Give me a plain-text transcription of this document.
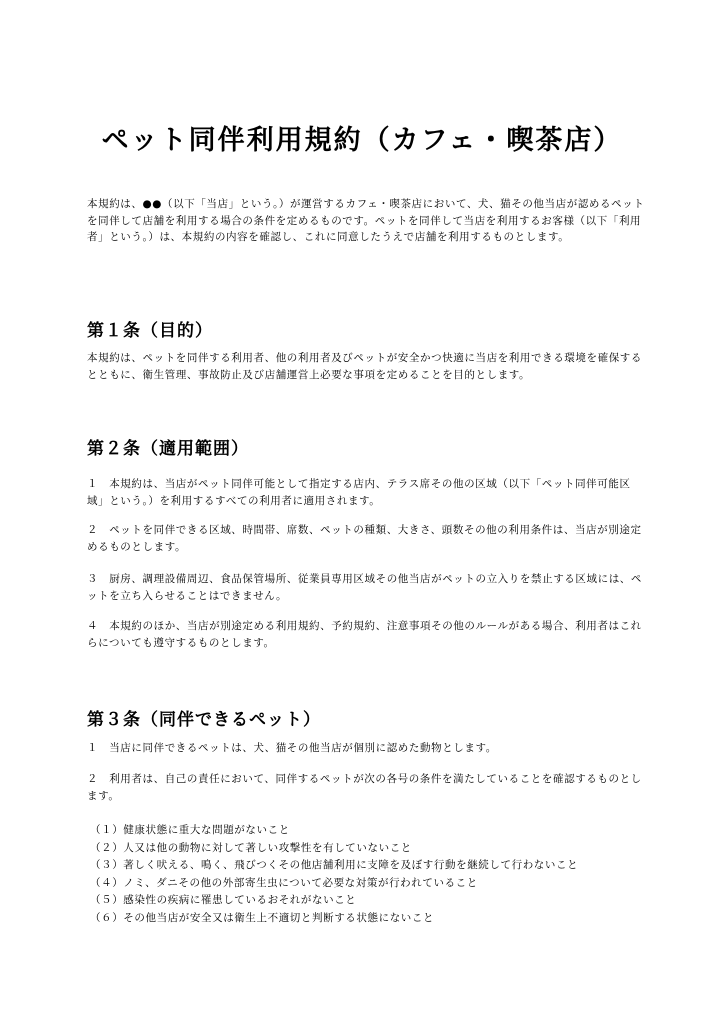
ペット同伴利用規約（カフェ・喫茶店）

本規約は、●●（以下「当店」という。）が運営するカフェ・喫茶店において、犬、猫その他当店が認めるペットを同伴して店舗を利用する場合の条件を定めるものです。ペットを同伴して当店を利用するお客様（以下「利用者」という。）は、本規約の内容を確認し、これに同意したうえで店舗を利用するものとします。

第１条（目的）

本規約は、ペットを同伴する利用者、他の利用者及びペットが安全かつ快適に当店を利用できる環境を確保するとともに、衛生管理、事故防止及び店舗運営上必要な事項を定めることを目的とします。

第２条（適用範囲）

１　本規約は、当店がペット同伴可能として指定する店内、テラス席その他の区域（以下「ペット同伴可能区域」という。）を利用するすべての利用者に適用されます。

２　ペットを同伴できる区域、時間帯、席数、ペットの種類、大きさ、頭数その他の利用条件は、当店が別途定めるものとします。

３　厨房、調理設備周辺、食品保管場所、従業員専用区域その他当店がペットの立入りを禁止する区域には、ペットを立ち入らせることはできません。

４　本規約のほか、当店が別途定める利用規約、予約規約、注意事項その他のルールがある場合、利用者はこれらについても遵守するものとします。

第３条（同伴できるペット）

１　当店に同伴できるペットは、犬、猫その他当店が個別に認めた動物とします。

２　利用者は、自己の責任において、同伴するペットが次の各号の条件を満たしていることを確認するものとします。

（１）健康状態に重大な問題がないこと
（２）人又は他の動物に対して著しい攻撃性を有していないこと
（３）著しく吠える、鳴く、飛びつくその他店舗利用に支障を及ぼす行動を継続して行わないこと
（４）ノミ、ダニその他の外部寄生虫について必要な対策が行われていること
（５）感染性の疾病に罹患しているおそれがないこと
（６）その他当店が安全又は衛生上不適切と判断する状態にないこと
